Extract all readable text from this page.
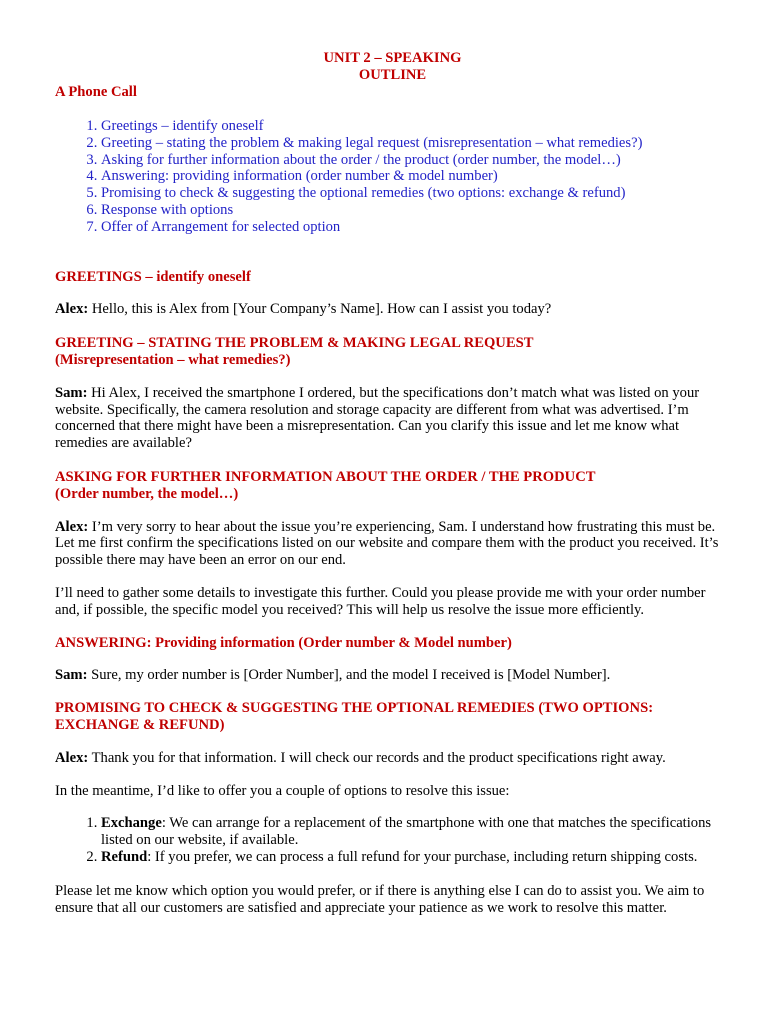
UNIT 2 – SPEAKING
OUTLINE
A Phone Call
1. Greetings – identify oneself
2. Greeting – stating the problem & making legal request (misrepresentation – what remedies?)
3. Asking for further information about the order / the product (order number, the model…)
4. Answering: providing information (order number & model number)
5. Promising to check & suggesting the optional remedies (two options: exchange & refund)
6. Response with options
7. Offer of Arrangement for selected option

GREETINGS – identify oneself

Alex: Hello, this is Alex from [Your Company’s Name]. How can I assist you today?

GREETING – STATING THE PROBLEM & MAKING LEGAL REQUEST

(Misrepresentation – what remedies?)

Sam: Hi Alex, I received the smartphone I ordered, but the specifications don’t match what was listed on your website. Specifically, the camera resolution and storage capacity are different from what was advertised. I’m concerned that there might have been a misrepresentation. Can you clarify this issue and let me know what remedies are available?

ASKING FOR FURTHER INFORMATION ABOUT THE ORDER / THE PRODUCT

(Order number, the model…)

Alex: I’m very sorry to hear about the issue you’re experiencing, Sam. I understand how frustrating this must be. Let me first confirm the specifications listed on our website and compare them with the product you received. It’s possible there may have been an error on our end.

I’ll need to gather some details to investigate this further. Could you please provide me with your order number and, if possible, the specific model you received? This will help us resolve the issue more efficiently.

ANSWERING: Providing information (Order number & Model number)

Sam: Sure, my order number is [Order Number], and the model I received is [Model Number].

PROMISING TO CHECK & SUGGESTING THE OPTIONAL REMEDIES (TWO OPTIONS:

EXCHANGE & REFUND)

Alex: Thank you for that information. I will check our records and the product specifications right away.

In the meantime, I’d like to offer you a couple of options to resolve this issue:

1. Exchange: We can arrange for a replacement of the smartphone with one that matches the specifications listed on our website, if available.
2. Refund: If you prefer, we can process a full refund for your purchase, including return shipping costs.

Please let me know which option you would prefer, or if there is anything else I can do to assist you. We aim to ensure that all our customers are satisfied and appreciate your patience as we work to resolve this matter.
